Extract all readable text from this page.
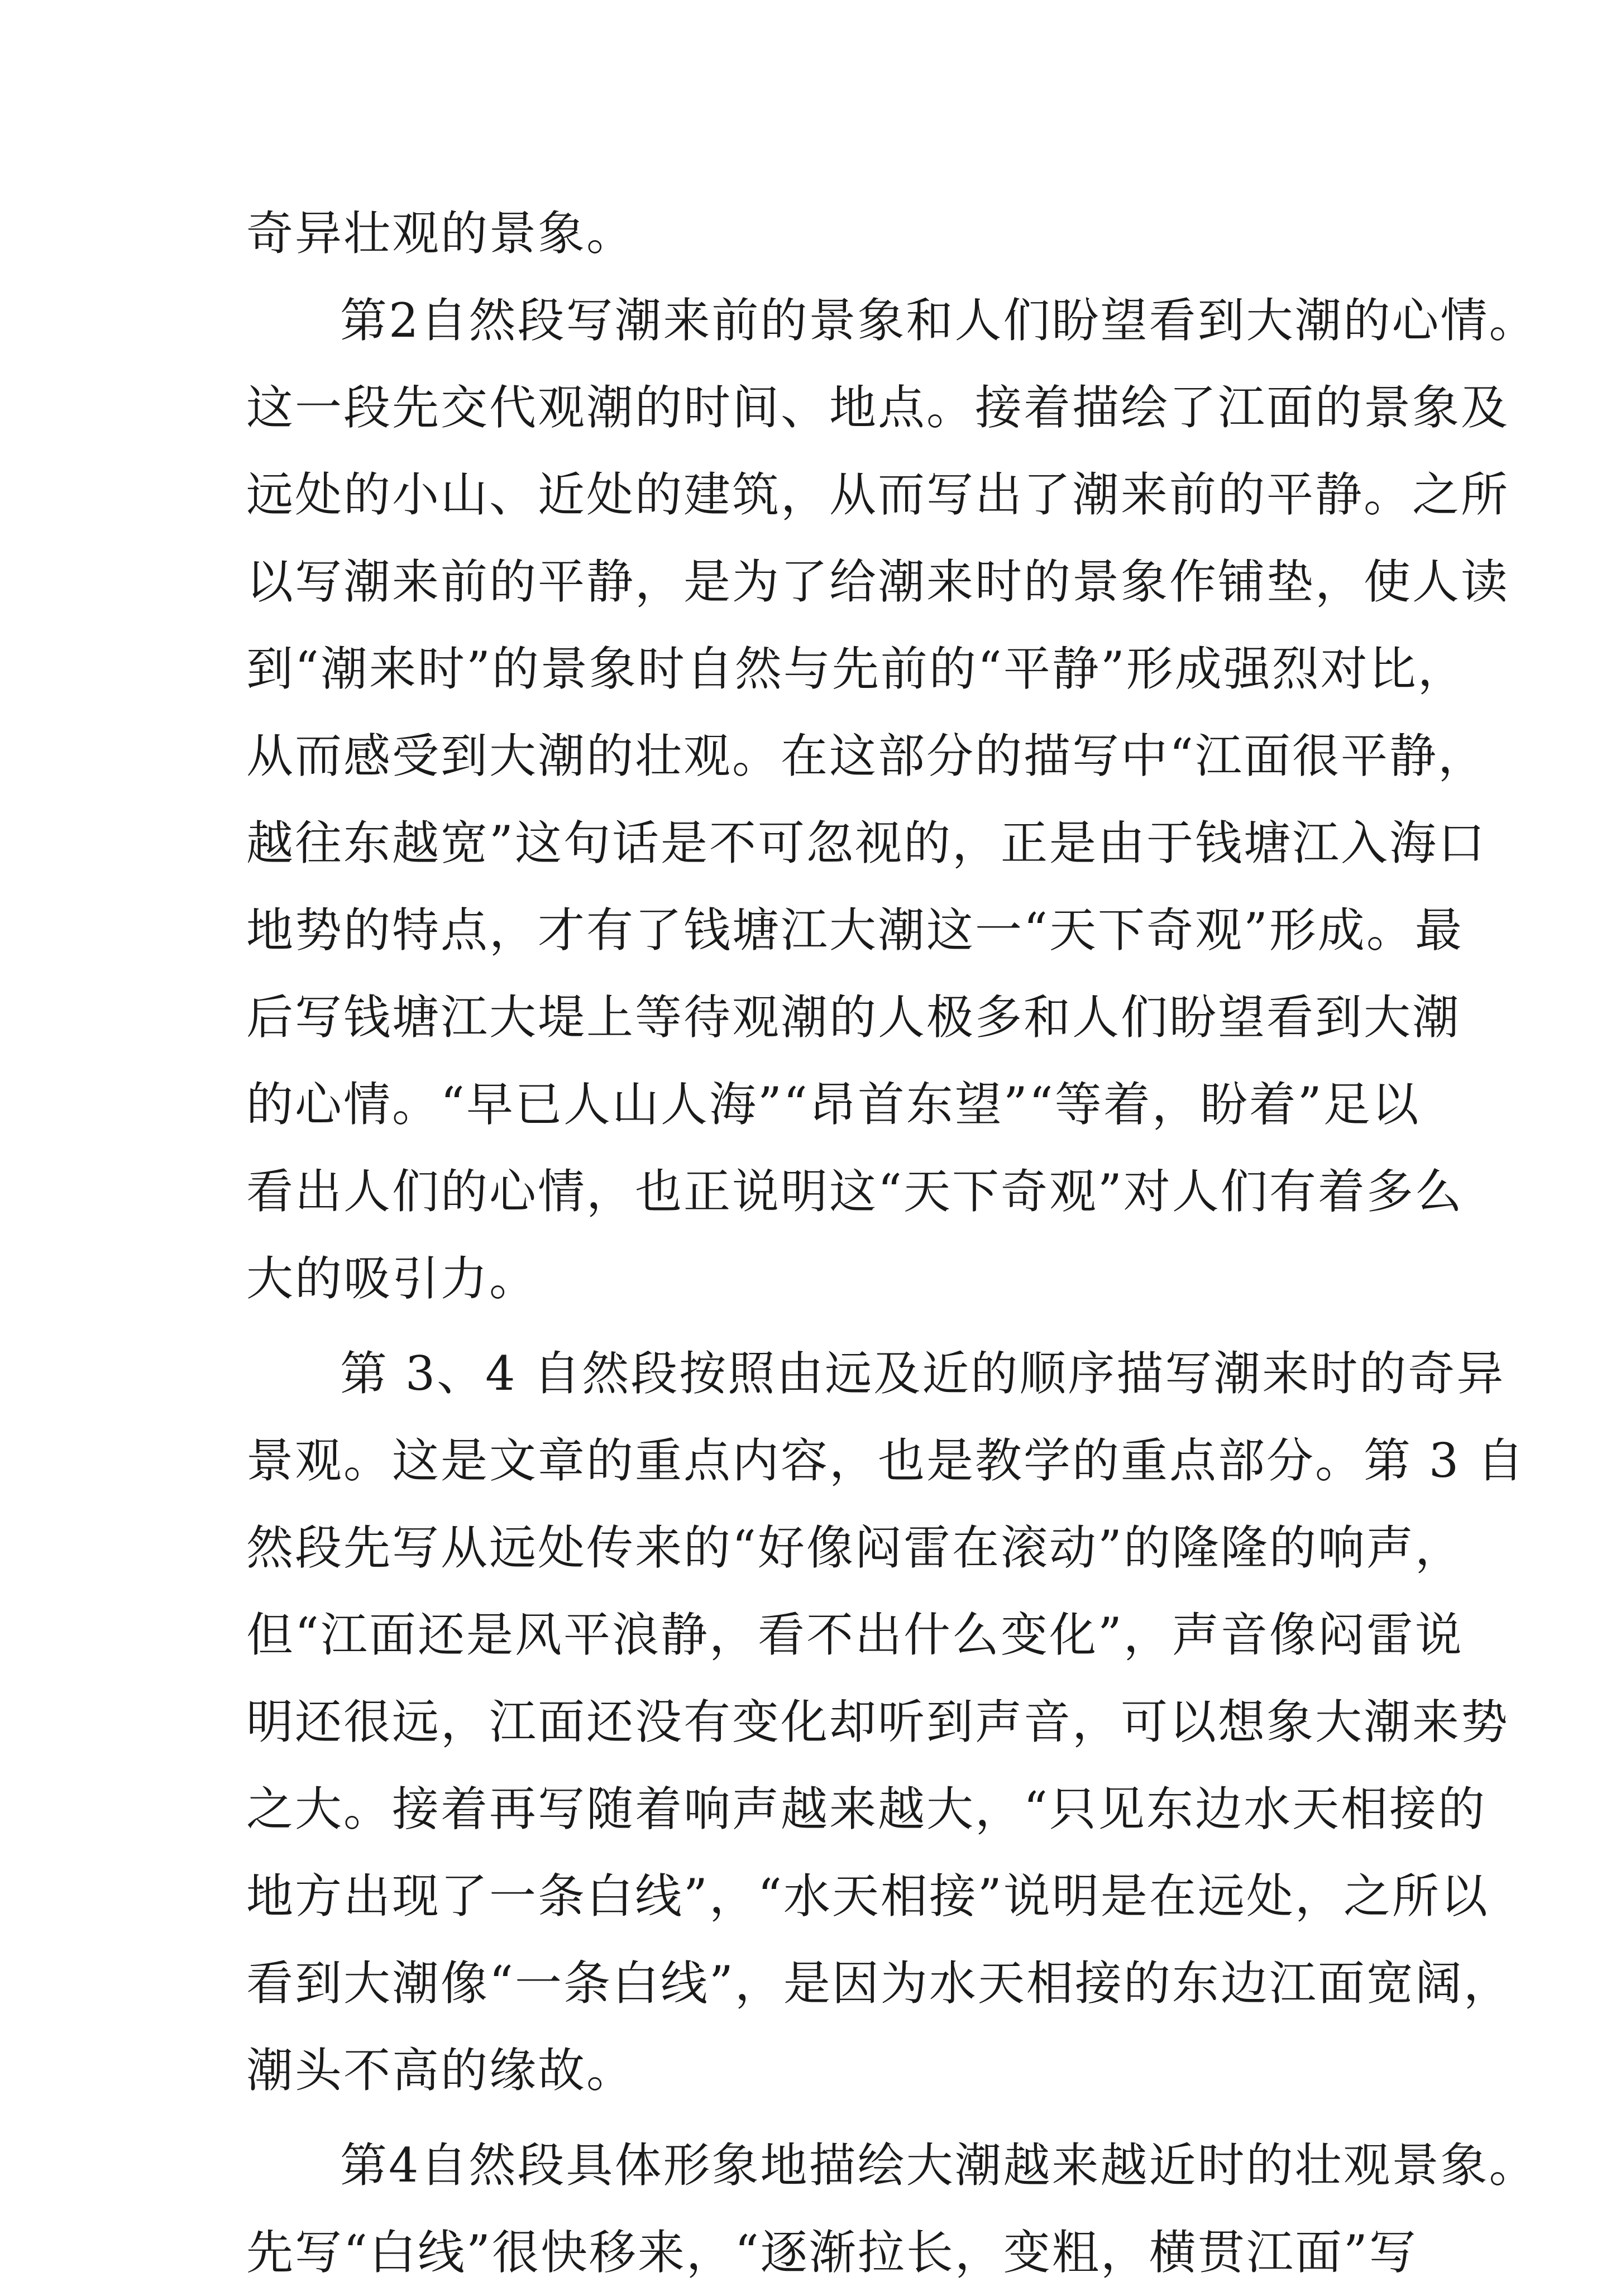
奇异壮观的景象。
第2自然段写潮来前的景象和人们盼望看到大潮的心情。
这一段先交代观潮的时间、地点。接着描绘了江面的景象及
远处的小山、近处的建筑，从而写出了潮来前的平静。之所
以写潮来前的平静，是为了给潮来时的景象作铺垫，使人读
到“潮来时”的景象时自然与先前的“平静”形成强烈对比，
从而感受到大潮的壮观。在这部分的描写中“江面很平静，
越往东越宽”这句话是不可忽视的，正是由于钱塘江入海口
地势的特点，才有了钱塘江大潮这一“天下奇观”形成。最
后写钱塘江大堤上等待观潮的人极多和人们盼望看到大潮
的心情。“早已人山人海”“昂首东望”“等着，盼着”足以
看出人们的心情，也正说明这“天下奇观”对人们有着多么
大的吸引力。
第 3、4 自然段按照由远及近的顺序描写潮来时的奇异
景观。这是文章的重点内容，也是教学的重点部分。第 3 自
然段先写从远处传来的“好像闷雷在滚动”的隆隆的响声，
但“江面还是风平浪静，看不出什么变化”，声音像闷雷说
明还很远，江面还没有变化却听到声音，可以想象大潮来势
之大。接着再写随着响声越来越大，“只见东边水天相接的
地方出现了一条白线”，“水天相接”说明是在远处，之所以
看到大潮像“一条白线”，是因为水天相接的东边江面宽阔，
潮头不高的缘故。
第4自然段具体形象地描绘大潮越来越近时的壮观景象。
先写“白线”很快移来，“逐渐拉长，变粗，横贯江面”写
